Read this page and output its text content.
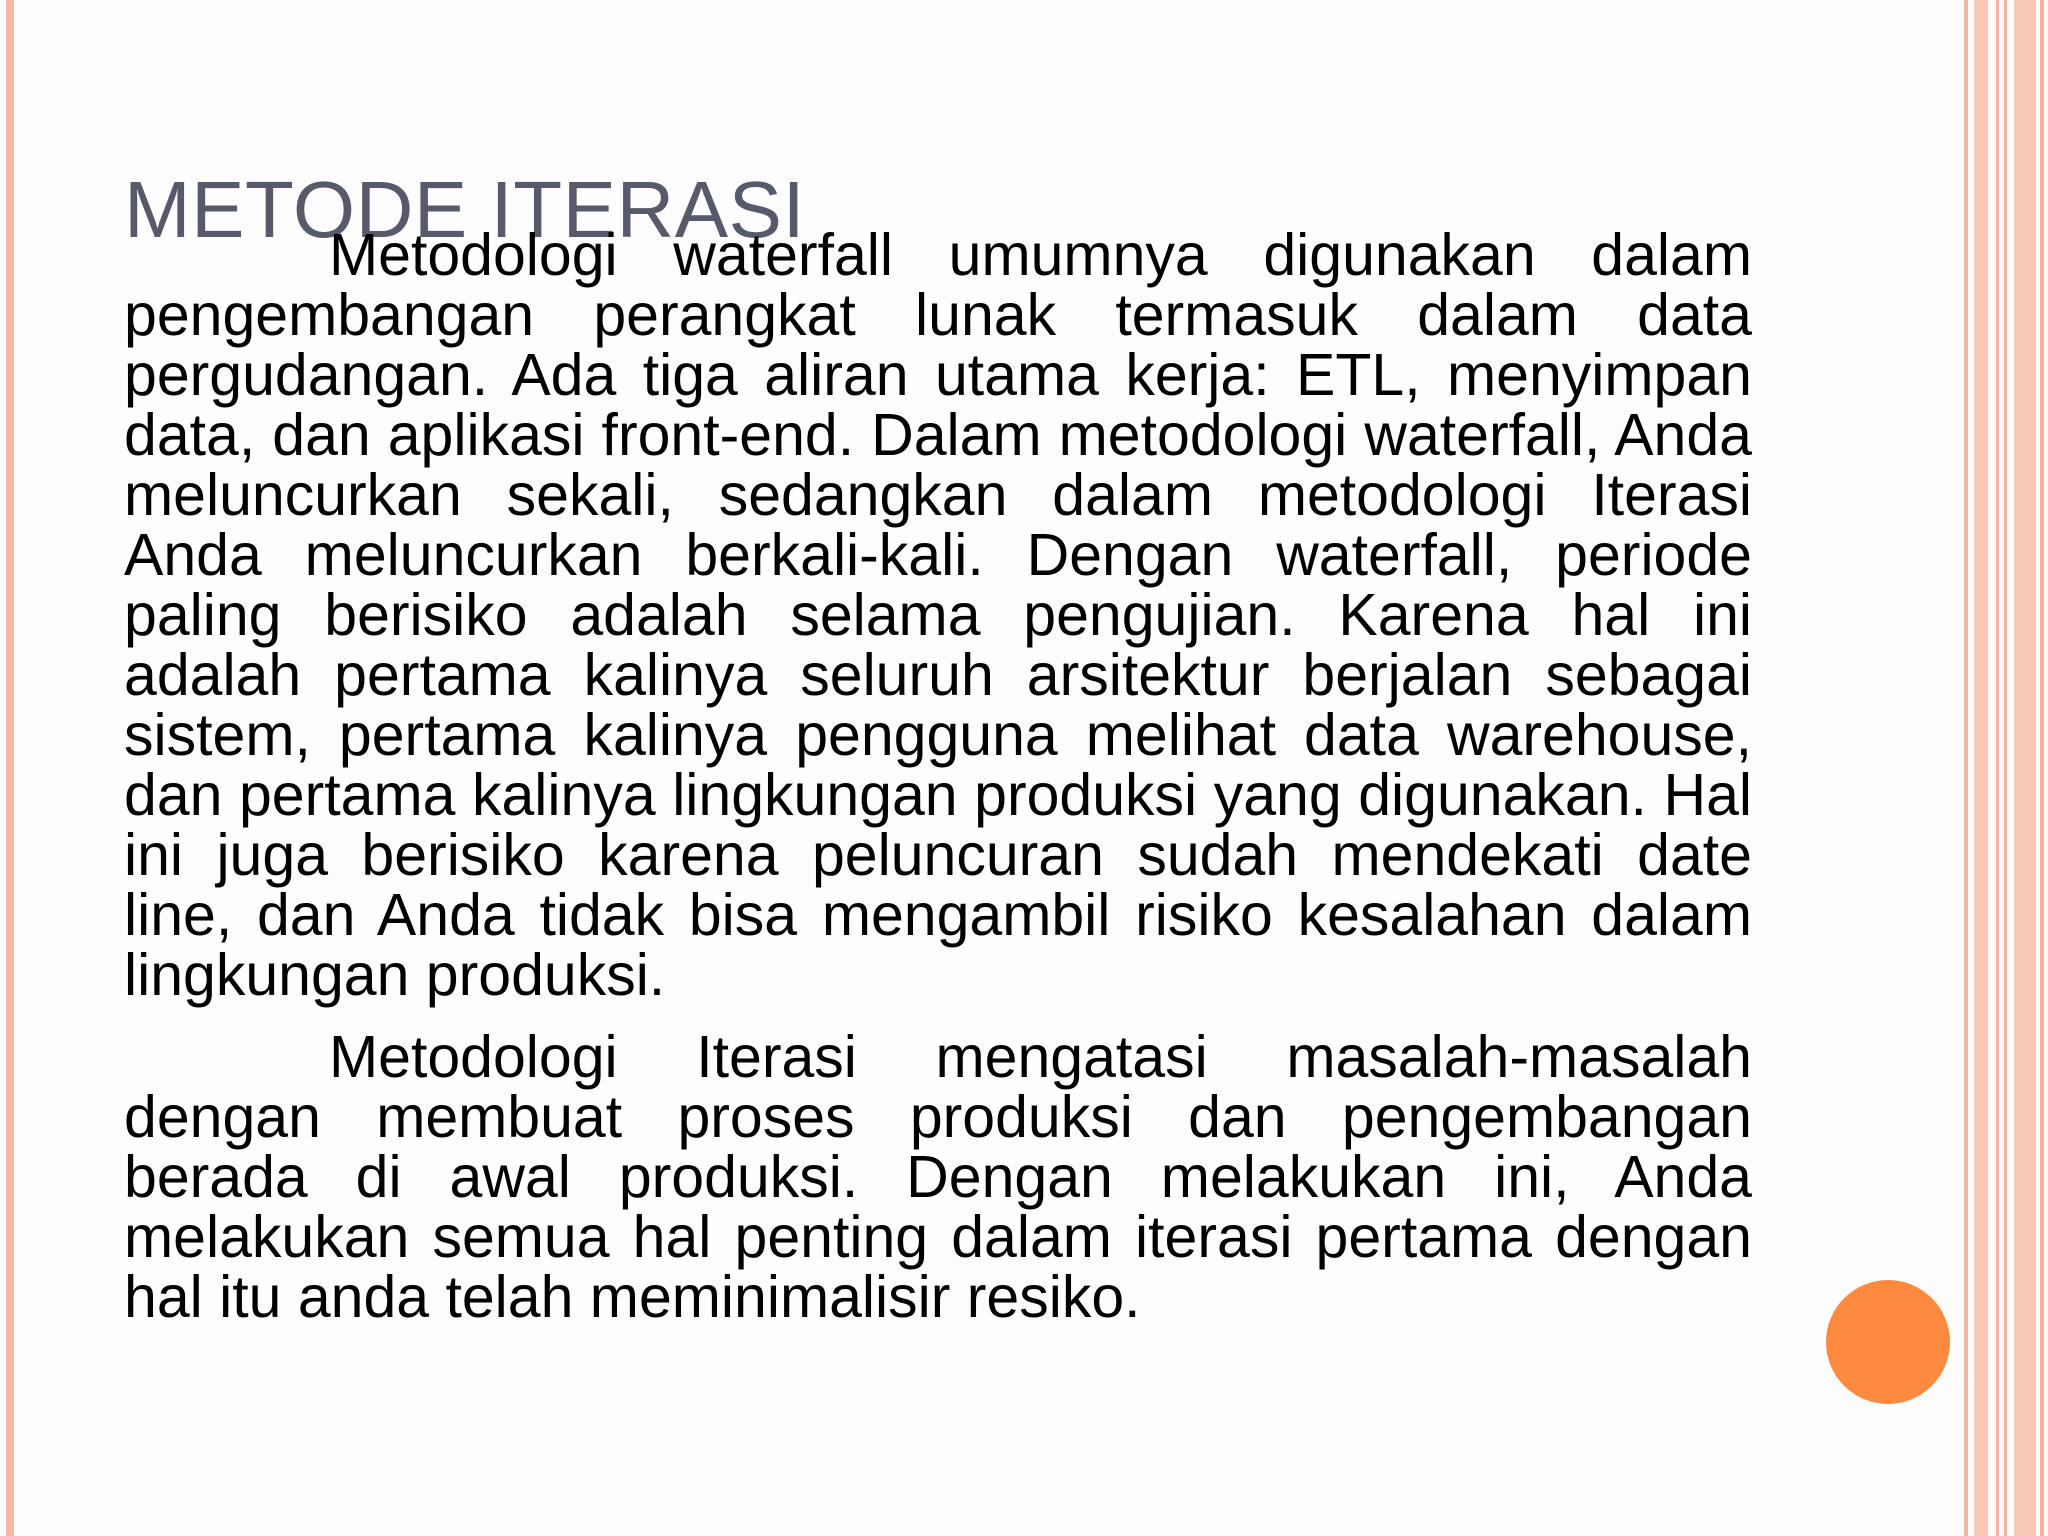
METODE ITERASI

Metodologi waterfall umumnya digunakan dalam pengembangan perangkat lunak termasuk dalam data pergudangan. Ada tiga aliran utama kerja: ETL, menyimpan data, dan aplikasi front-end. Dalam metodologi waterfall, Anda meluncurkan sekali, sedangkan dalam metodologi Iterasi Anda meluncurkan berkali-kali. Dengan waterfall, periode paling berisiko adalah selama pengujian. Karena hal ini adalah pertama kalinya seluruh arsitektur berjalan sebagai sistem, pertama kalinya pengguna melihat data warehouse, dan pertama kalinya lingkungan produksi yang digunakan. Hal ini juga berisiko karena peluncuran sudah mendekati date line, dan Anda tidak bisa mengambil risiko kesalahan dalam lingkungan produksi.

Metodologi Iterasi mengatasi masalah-masalah dengan membuat proses produksi dan pengembangan berada di awal produksi. Dengan melakukan ini, Anda melakukan semua hal penting dalam iterasi pertama dengan hal itu anda telah meminimalisir resiko.
